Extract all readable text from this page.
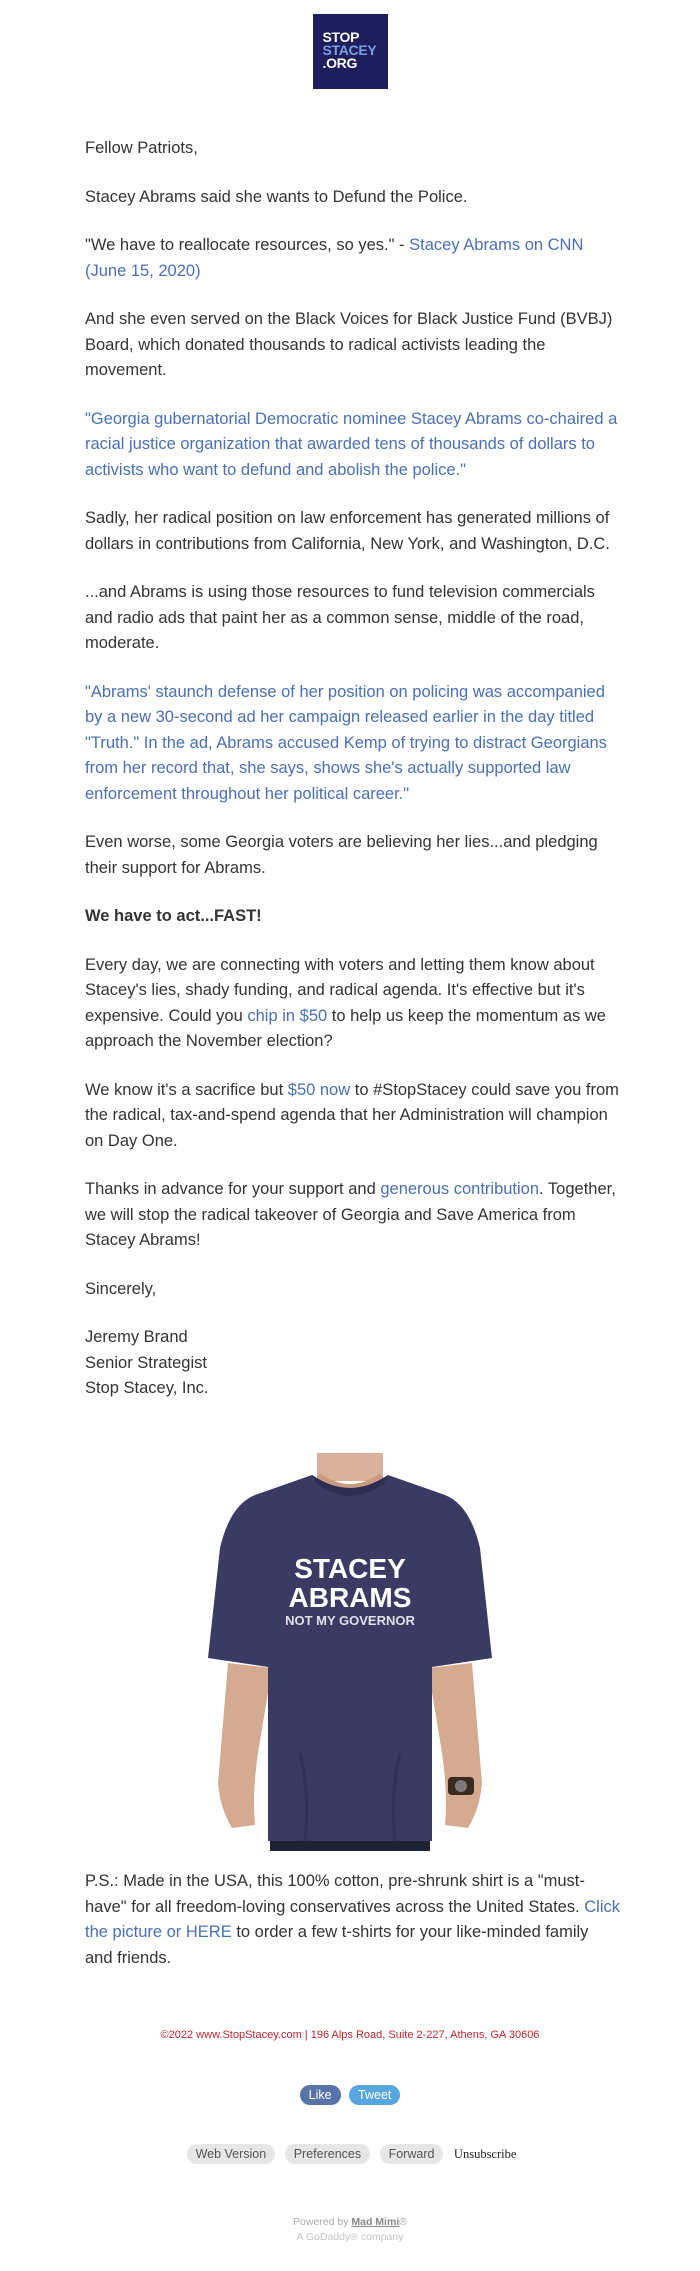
STOP
STACEY
.ORG

Fellow Patriots,

Stacey Abrams said she wants to Defund the Police.

"We have to reallocate resources, so yes." - Stacey Abrams on CNN (June 15, 2020)

And she even served on the Black Voices for Black Justice Fund (BVBJ) Board, which donated thousands to radical activists leading the movement.

"Georgia gubernatorial Democratic nominee Stacey Abrams co-chaired a racial justice organization that awarded tens of thousands of dollars to activists who want to defund and abolish the police."

Sadly, her radical position on law enforcement has generated millions of dollars in contributions from California, New York, and Washington, D.C.

...and Abrams is using those resources to fund television commercials and radio ads that paint her as a common sense, middle of the road, moderate.

"Abrams' staunch defense of her position on policing was accompanied by a new 30-second ad her campaign released earlier in the day titled "Truth." In the ad, Abrams accused Kemp of trying to distract Georgians from her record that, she says, shows she's actually supported law enforcement throughout her political career."

Even worse, some Georgia voters are believing her lies...and pledging their support for Abrams.

We have to act...FAST!

Every day, we are connecting with voters and letting them know about Stacey's lies, shady funding, and radical agenda. It's effective but it's expensive. Could you chip in $50 to help us keep the momentum as we approach the November election?

We know it's a sacrifice but $50 now to #StopStacey could save you from the radical, tax-and-spend agenda that her Administration will champion on Day One.

Thanks in advance for your support and generous contribution. Together, we will stop the radical takeover of Georgia and Save America from Stacey Abrams!

Sincerely,

Jeremy Brand
Senior Strategist
Stop Stacey, Inc.

STACEY
ABRAMS
NOT MY GOVERNOR

P.S.: Made in the USA, this 100% cotton, pre-shrunk shirt is a "must-have" for all freedom-loving conservatives across the United States. Click the picture or HERE to order a few t-shirts for your like-minded family and friends.

©2022 www.StopStacey.com | 196 Alps Road, Suite 2-227, Athens, GA 30606
Like Tweet
Web Version Preferences Forward Unsubscribe
Powered by Mad Mimi®
A GoDaddy® company
